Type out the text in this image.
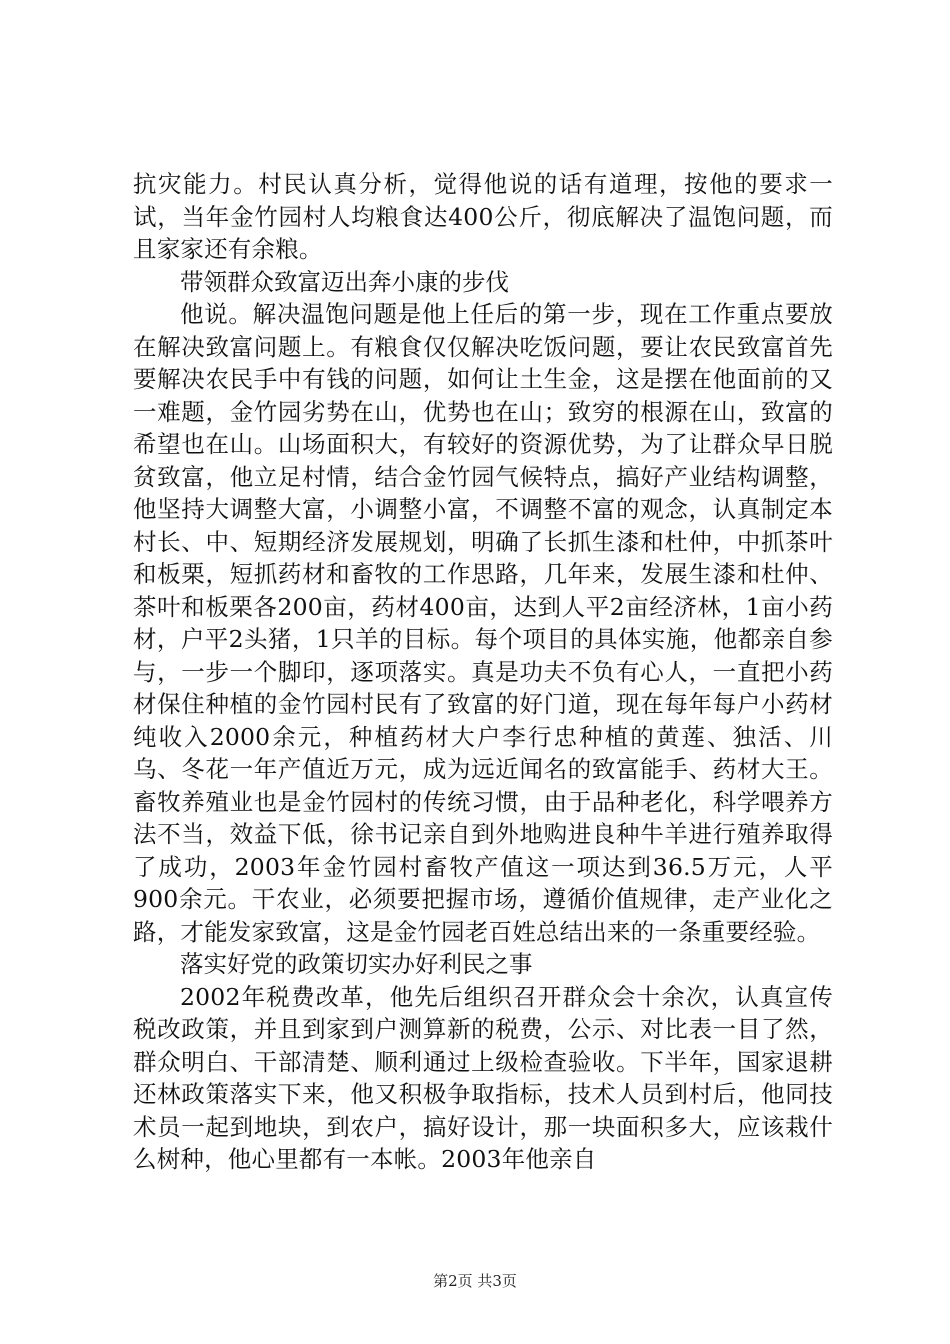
抗灾能力。村民认真分析，觉得他说的话有道理，按他的要求一试，当年金竹园村人均粮食达400公斤，彻底解决了温饱问题，而且家家还有余粮。

带领群众致富迈出奔小康的步伐

他说。解决温饱问题是他上任后的第一步，现在工作重点要放在解决致富问题上。有粮食仅仅解决吃饭问题，要让农民致富首先要解决农民手中有钱的问题，如何让土生金，这是摆在他面前的又一难题，金竹园劣势在山，优势也在山；致穷的根源在山，致富的希望也在山。山场面积大，有较好的资源优势，为了让群众早日脱贫致富，他立足村情，结合金竹园气候特点，搞好产业结构调整，他坚持大调整大富，小调整小富，不调整不富的观念，认真制定本村长、中、短期经济发展规划，明确了长抓生漆和杜仲，中抓茶叶和板栗，短抓药材和畜牧的工作思路，几年来，发展生漆和杜仲、茶叶和板栗各200亩，药材400亩，达到人平2亩经济林，1亩小药材，户平2头猪，1只羊的目标。每个项目的具体实施，他都亲自参与，一步一个脚印，逐项落实。真是功夫不负有心人，一直把小药材保住种植的金竹园村民有了致富的好门道，现在每年每户小药材纯收入2000余元，种植药材大户李行忠种植的黄莲、独活、川乌、冬花一年产值近万元，成为远近闻名的致富能手、药材大王。畜牧养殖业也是金竹园村的传统习惯，由于品种老化，科学喂养方法不当，效益下低，徐书记亲自到外地购进良种牛羊进行殖养取得了成功，2003年金竹园村畜牧产值这一项达到36.5万元，人平900余元。干农业，必须要把握市场，遵循价值规律，走产业化之路，才能发家致富，这是金竹园老百姓总结出来的一条重要经验。

落实好党的政策切实办好利民之事

2002年税费改革，他先后组织召开群众会十余次，认真宣传税改政策，并且到家到户测算新的税费，公示、对比表一目了然，群众明白、干部清楚、顺利通过上级检查验收。下半年，国家退耕还林政策落实下来，他又积极争取指标，技术人员到村后，他同技术员一起到地块，到农户，搞好设计，那一块面积多大，应该栽什么树种，他心里都有一本帐。2003年他亲自

第2页 共3页
